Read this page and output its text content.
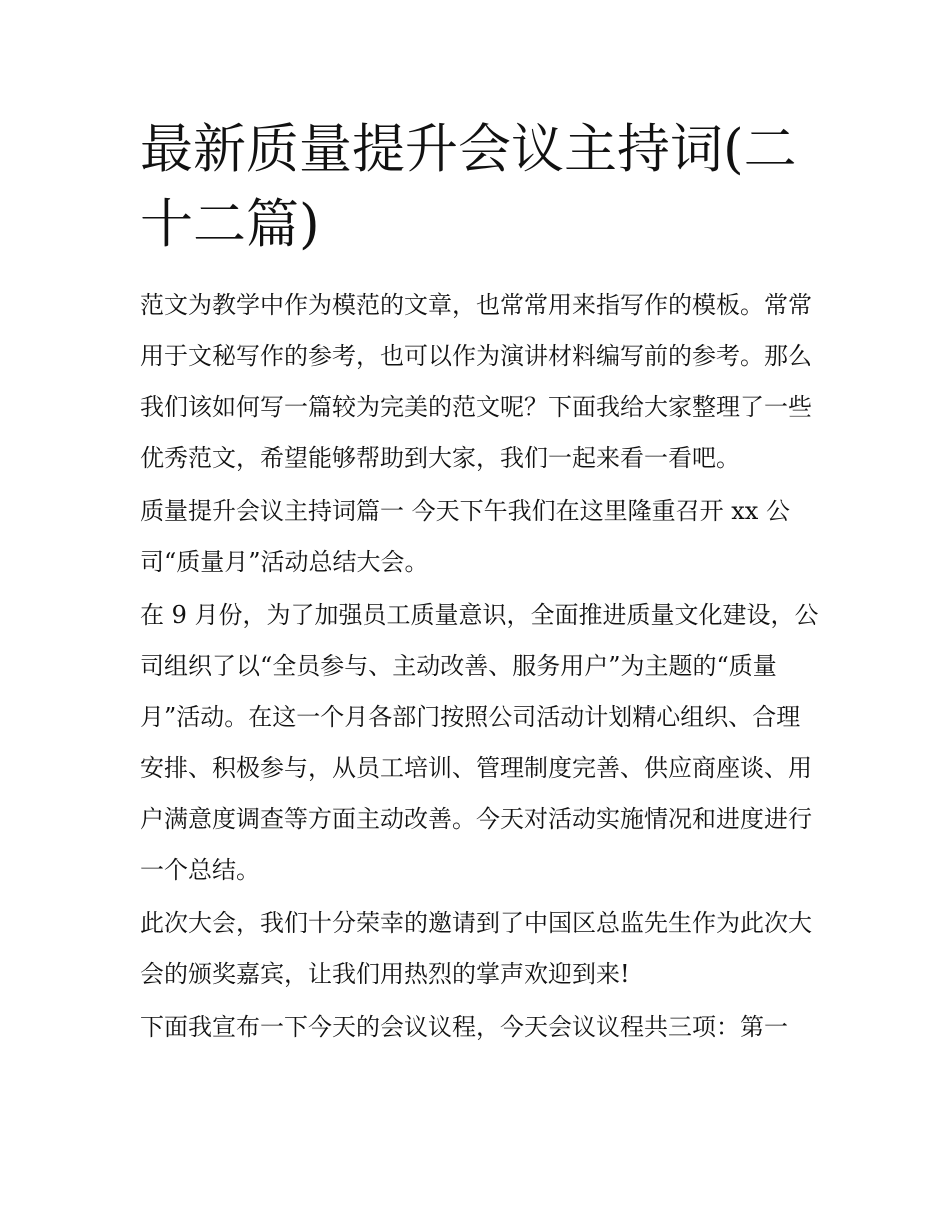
最新质量提升会议主持词(二十二篇)

范文为教学中作为模范的文章，也常常用来指写作的模板。常常用于文秘写作的参考，也可以作为演讲材料编写前的参考。那么我们该如何写一篇较为完美的范文呢？下面我给大家整理了一些优秀范文，希望能够帮助到大家，我们一起来看一看吧。

质量提升会议主持词篇一 今天下午我们在这里隆重召开 xx 公司“质量月”活动总结大会。

在 9 月份，为了加强员工质量意识，全面推进质量文化建设，公司组织了以“全员参与、主动改善、服务用户”为主题的“质量月”活动。在这一个月各部门按照公司活动计划精心组织、合理安排、积极参与，从员工培训、管理制度完善、供应商座谈、用户满意度调查等方面主动改善。今天对活动实施情况和进度进行一个总结。

此次大会，我们十分荣幸的邀请到了中国区总监先生作为此次大会的颁奖嘉宾，让我们用热烈的掌声欢迎到来!

下面我宣布一下今天的会议议程，今天会议议程共三项：第一
